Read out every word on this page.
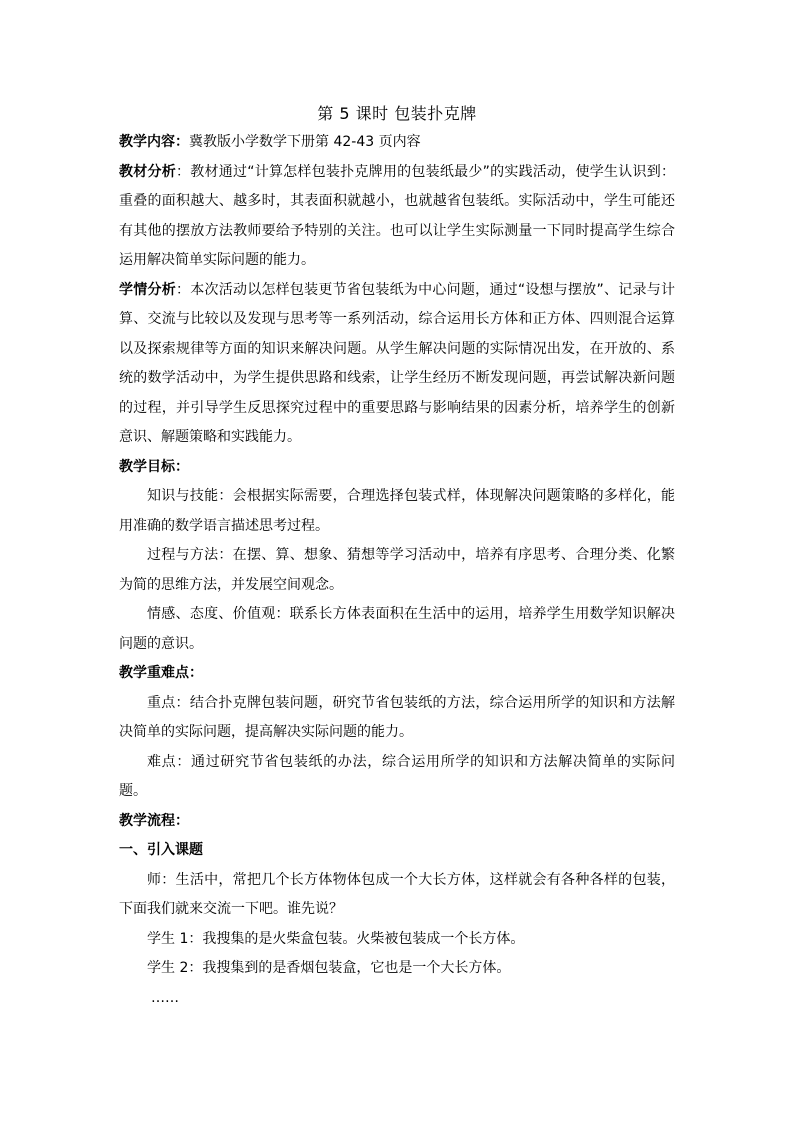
第 5 课时 包装扑克牌

教学内容：冀教版小学数学下册第 42-43 页内容

教材分析：教材通过“计算怎样包装扑克牌用的包装纸最少”的实践活动，使学生认识到：重叠的面积越大、越多时，其表面积就越小，也就越省包装纸。实际活动中，学生可能还有其他的摆放方法教师要给予特别的关注。也可以让学生实际测量一下同时提高学生综合运用解决简单实际问题的能力。

学情分析：本次活动以怎样包装更节省包装纸为中心问题，通过“设想与摆放”、记录与计算、交流与比较以及发现与思考等一系列活动，综合运用长方体和正方体、四则混合运算以及探索规律等方面的知识来解决问题。从学生解决问题的实际情况出发，在开放的、系统的数学活动中，为学生提供思路和线索，让学生经历不断发现问题，再尝试解决新问题的过程，并引导学生反思探究过程中的重要思路与影响结果的因素分析，培养学生的创新意识、解题策略和实践能力。

教学目标：

知识与技能：会根据实际需要，合理选择包装式样，体现解决问题策略的多样化，能用准确的数学语言描述思考过程。

过程与方法：在摆、算、想象、猜想等学习活动中，培养有序思考、合理分类、化繁为简的思维方法，并发展空间观念。

情感、态度、价值观：联系长方体表面积在生活中的运用，培养学生用数学知识解决问题的意识。

教学重难点：

重点：结合扑克牌包装问题，研究节省包装纸的方法，综合运用所学的知识和方法解决简单的实际问题，提高解决实际问题的能力。

难点：通过研究节省包装纸的办法，综合运用所学的知识和方法解决简单的实际问题。

教学流程：

一、引入课题

师：生活中，常把几个长方体物体包成一个大长方体，这样就会有各种各样的包装，下面我们就来交流一下吧。谁先说？

学生 1：我搜集的是火柴盒包装。火柴被包装成一个长方体。

学生 2：我搜集到的是香烟包装盒，它也是一个大长方体。

……
